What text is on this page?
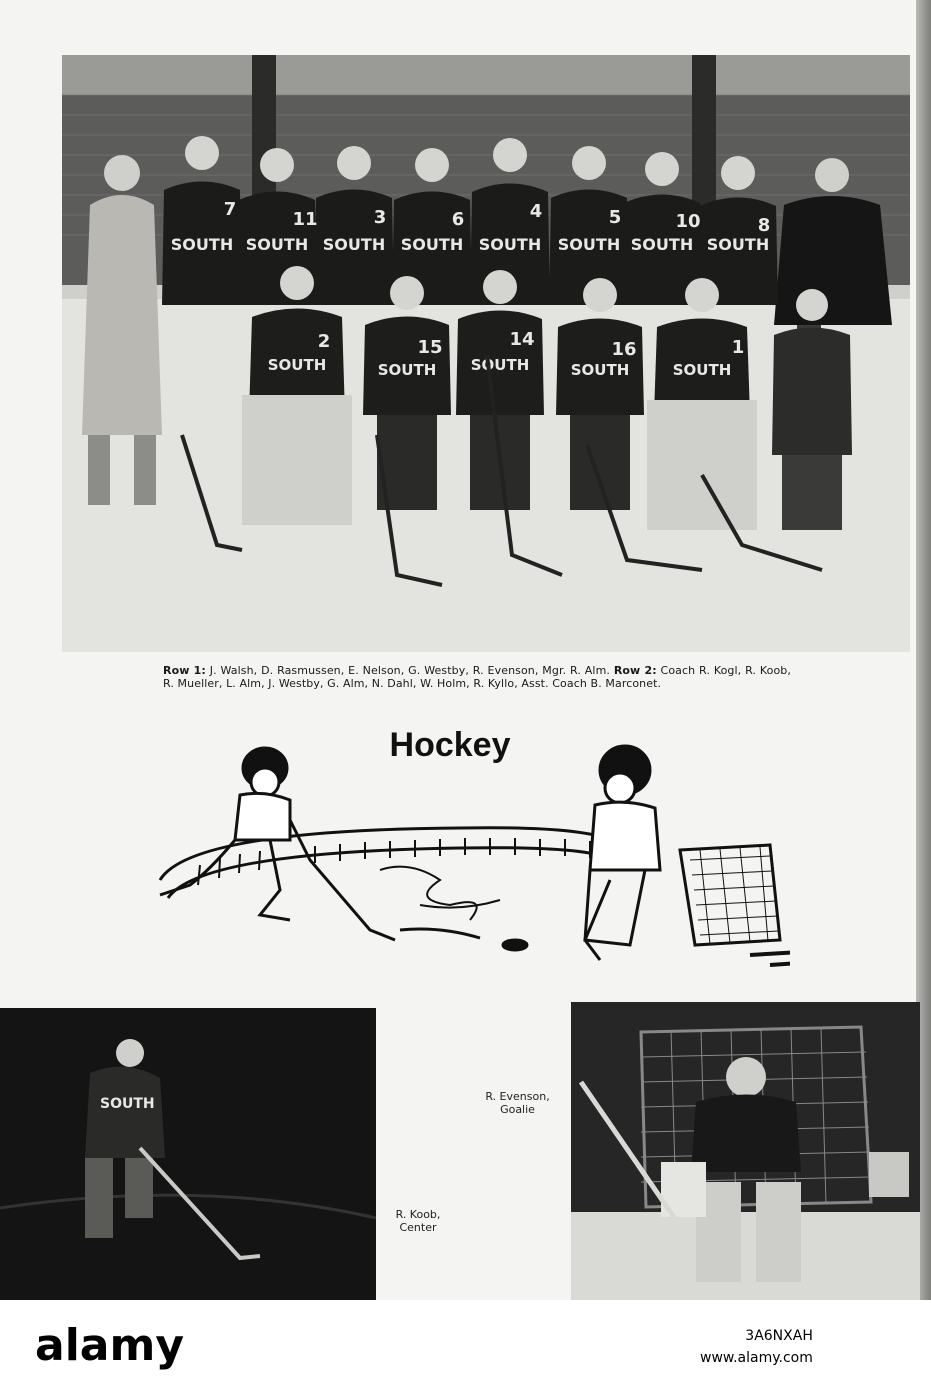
SOUTH SOUTH SOUTH SOUTH SOUTH SOUTH SOUTH SOUTH
7	11	3	6	4	5	10	8
SOUTH	SOUTH SOUTH	SOUTH	SOUTH
2	15	14	16	1
Row 1: J. Walsh, D. Rasmussen, E. Nelson, G. Westby, R. Evenson, Mgr. R. Alm. Row 2: Coach R. Kogl, R. Koob, R. Mueller, L. Alm, J. Westby, G. Alm, N. Dahl, W. Holm, R. Kyllo, Asst. Coach B. Marconet.
Hockey
SOUTH	R. Evenson,
Goalie
R. Koob,
Center
alamy	3A6NXAH
www.alamy.com
